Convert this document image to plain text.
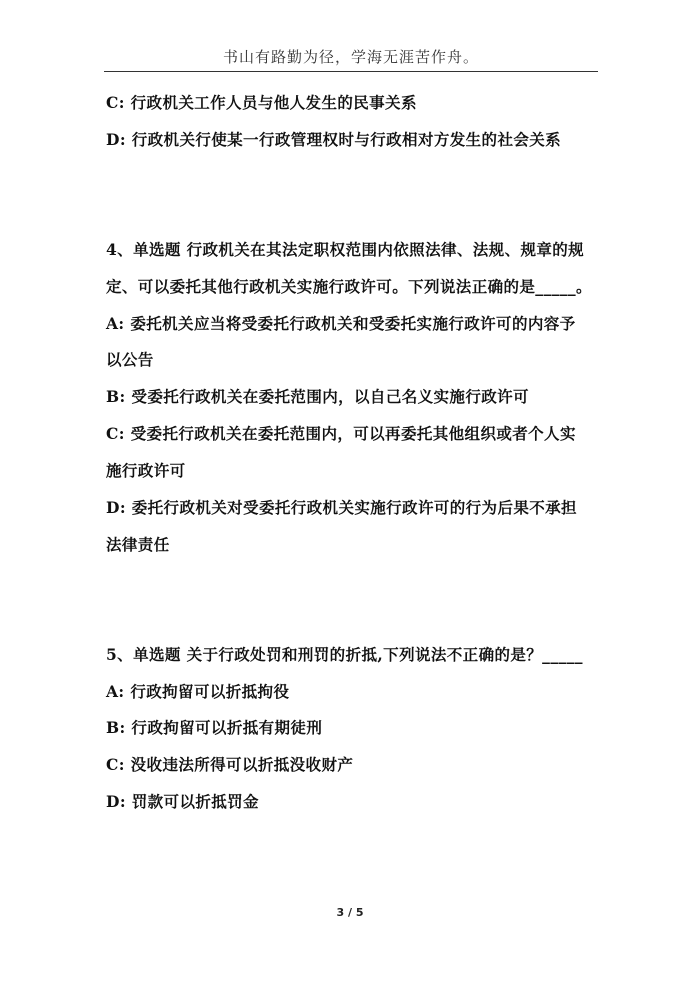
书山有路勤为径，学海无涯苦作舟。
C: 行政机关工作人员与他人发生的民事关系
D: 行政机关行使某一行政管理权时与行政相对方发生的社会关系
4、单选题 行政机关在其法定职权范围内依照法律、法规、规章的规
定、可以委托其他行政机关实施行政许可。下列说法正确的是_____。
A: 委托机关应当将受委托行政机关和受委托实施行政许可的内容予
以公告
B: 受委托行政机关在委托范围内，以自己名义实施行政许可
C: 受委托行政机关在委托范围内，可以再委托其他组织或者个人实
施行政许可
D: 委托行政机关对受委托行政机关实施行政许可的行为后果不承担
法律责任
5、单选题 关于行政处罚和刑罚的折抵,下列说法不正确的是？_____
A: 行政拘留可以折抵拘役
B: 行政拘留可以折抵有期徒刑
C: 没收违法所得可以折抵没收财产
D: 罚款可以折抵罚金
3 / 5
